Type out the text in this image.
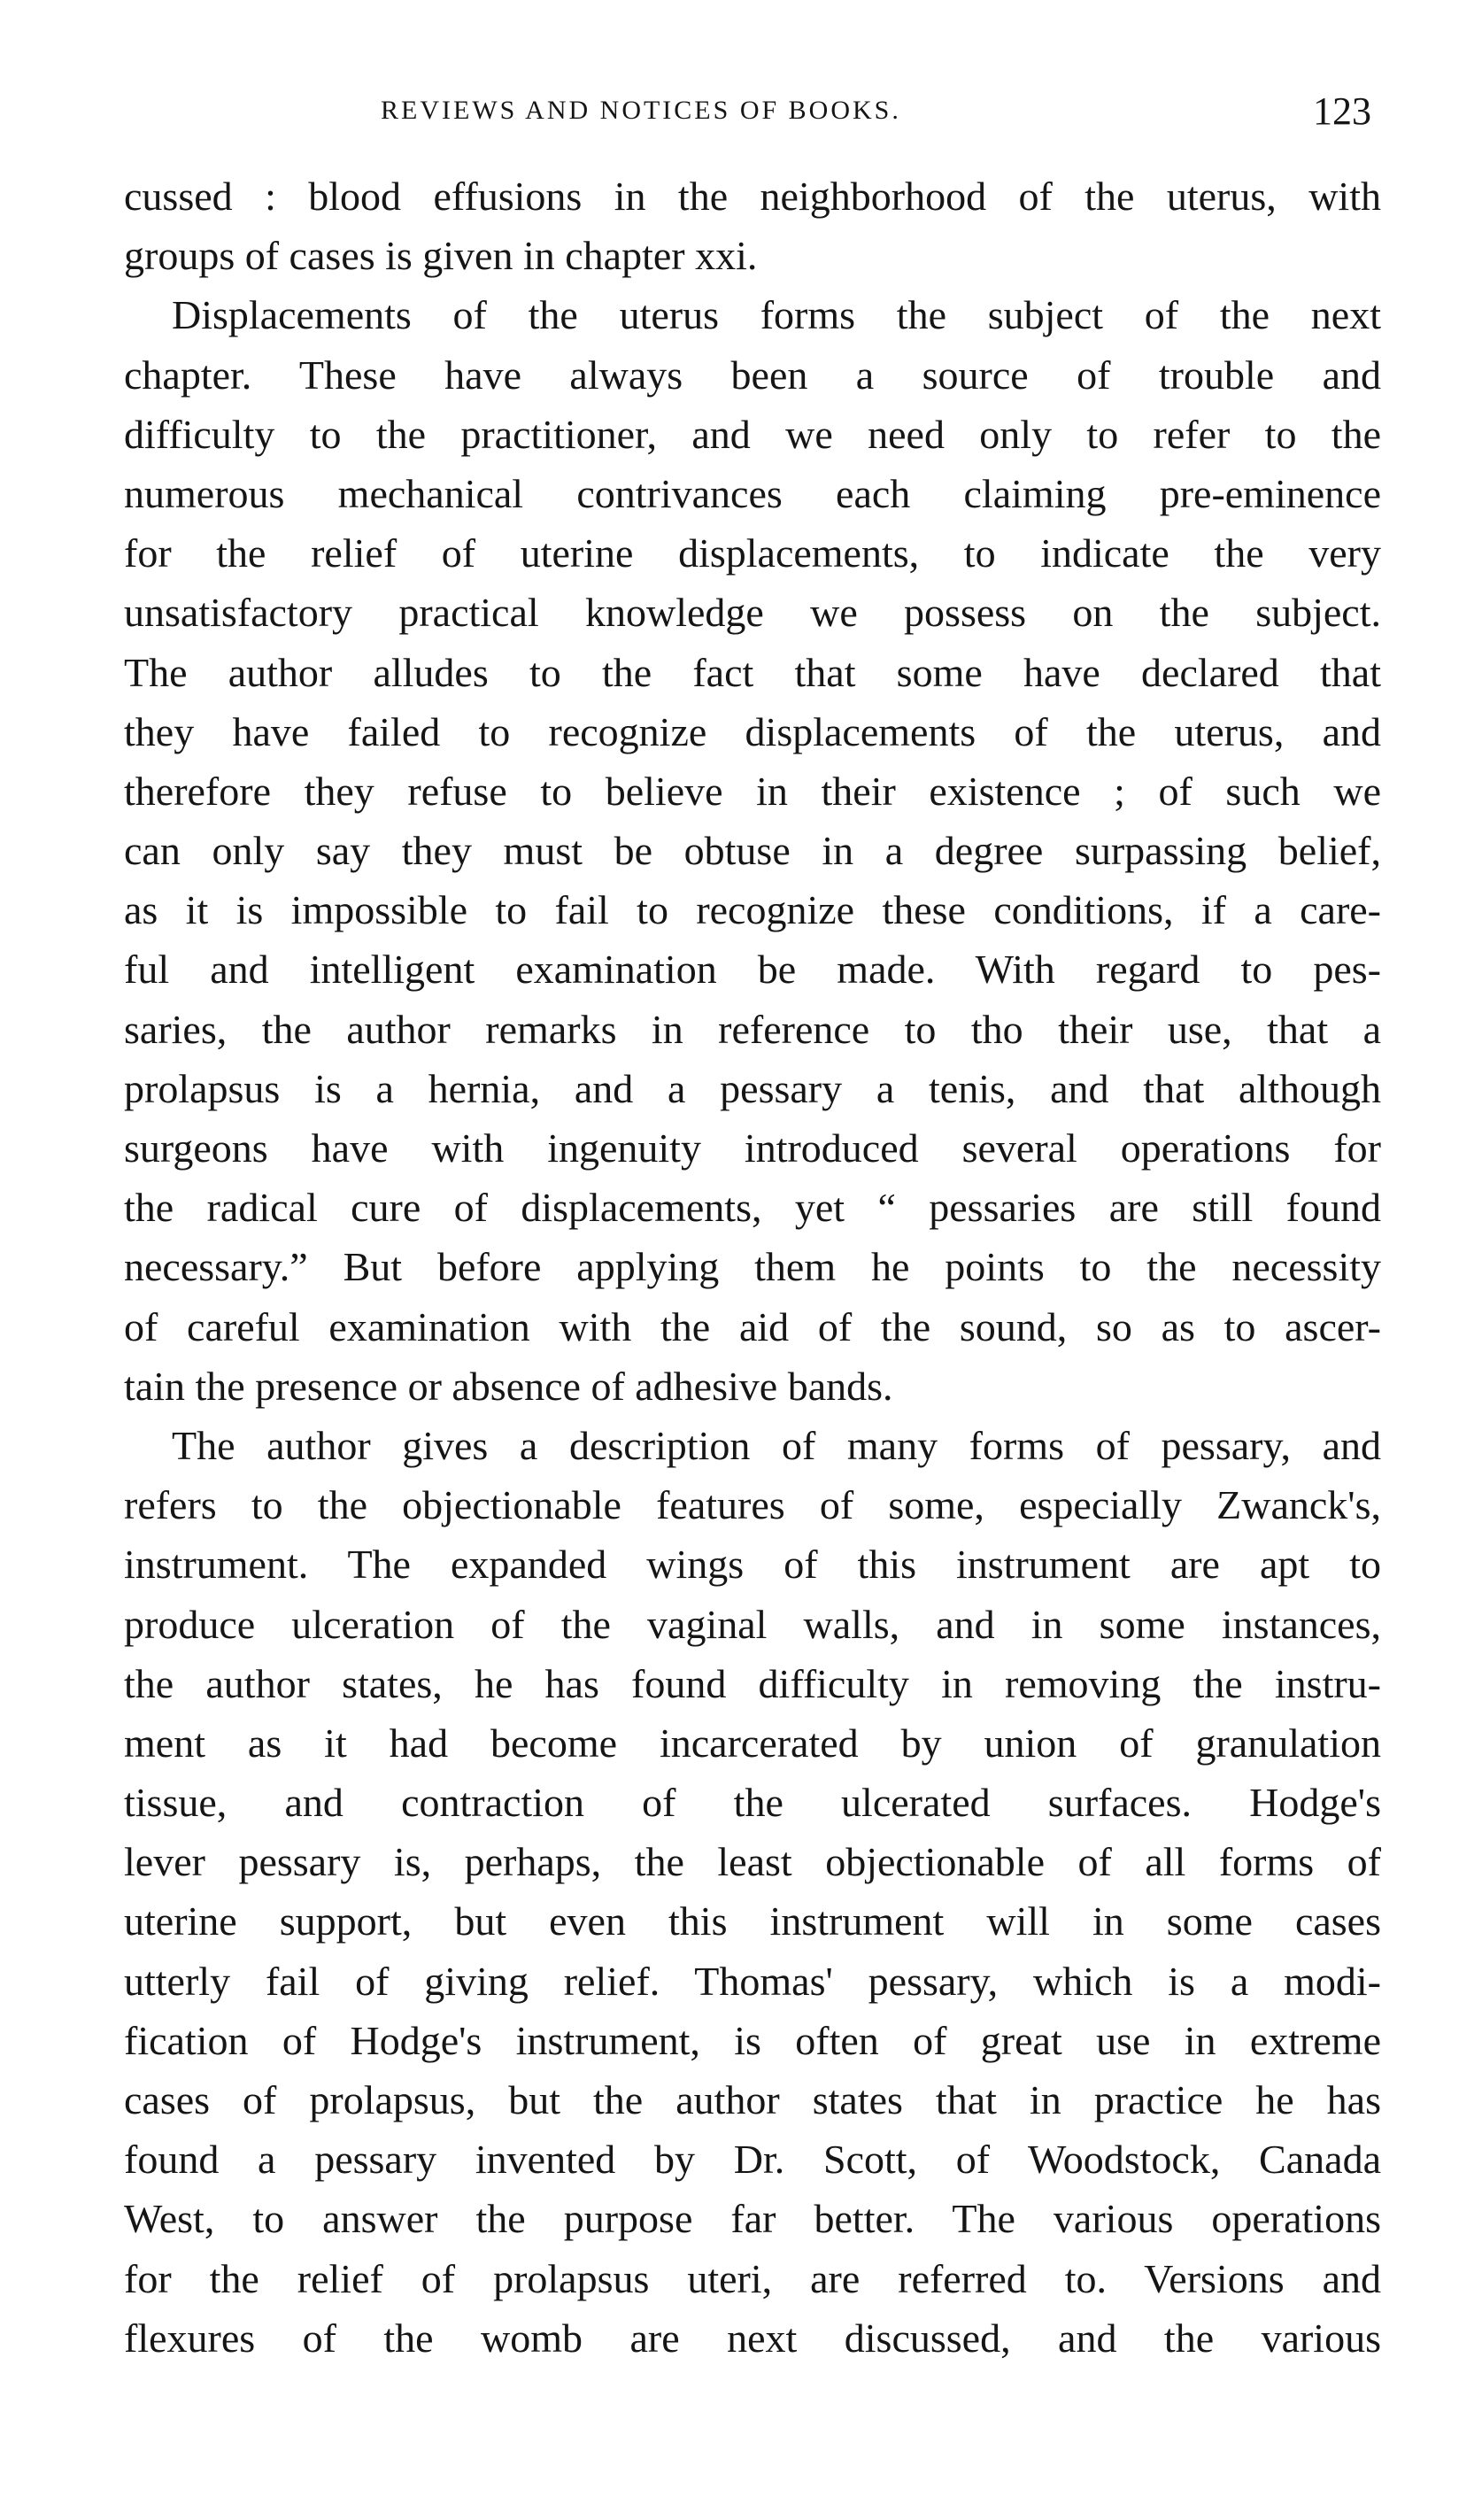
REVIEWS AND NOTICES OF BOOKS.	123
cussed : blood effusions in the neighborhood of the uterus, with
groups of cases is given in chapter xxi.
Displacements of the uterus forms the subject of the next
chapter. These have always been a source of trouble and
difficulty to the practitioner, and we need only to refer to the
numerous mechanical contrivances each claiming pre-eminence
for the relief of uterine displacements, to indicate the very
unsatisfactory practical knowledge we possess on the subject.
The author alludes to the fact that some have declared that
they have failed to recognize displacements of the uterus, and
therefore they refuse to believe in their existence ; of such we
can only say they must be obtuse in a degree surpassing belief,
as it is impossible to fail to recognize these conditions, if a care-
ful and intelligent examination be made. With regard to pes-
saries, the author remarks in reference to tho their use, that a
prolapsus is a hernia, and a pessary a tenis, and that although
surgeons have with ingenuity introduced several operations for
the radical cure of displacements, yet “ pessaries are still found
necessary.” But before applying them he points to the necessity
of careful examination with the aid of the sound, so as to ascer-
tain the presence or absence of adhesive bands.
The author gives a description of many forms of pessary, and
refers to the objectionable features of some, especially Zwanck's,
instrument. The expanded wings of this instrument are apt to
produce ulceration of the vaginal walls, and in some instances,
the author states, he has found difficulty in removing the instru-
ment as it had become incarcerated by union of granulation
tissue, and contraction of the ulcerated surfaces. Hodge's
lever pessary is, perhaps, the least objectionable of all forms of
uterine support, but even this instrument will in some cases
utterly fail of giving relief. Thomas' pessary, which is a modi-
fication of Hodge's instrument, is often of great use in extreme
cases of prolapsus, but the author states that in practice he has
found a pessary invented by Dr. Scott, of Woodstock, Canada
West, to answer the purpose far better. The various operations
for the relief of prolapsus uteri, are referred to. Versions and
flexures of the womb are next discussed, and the various
